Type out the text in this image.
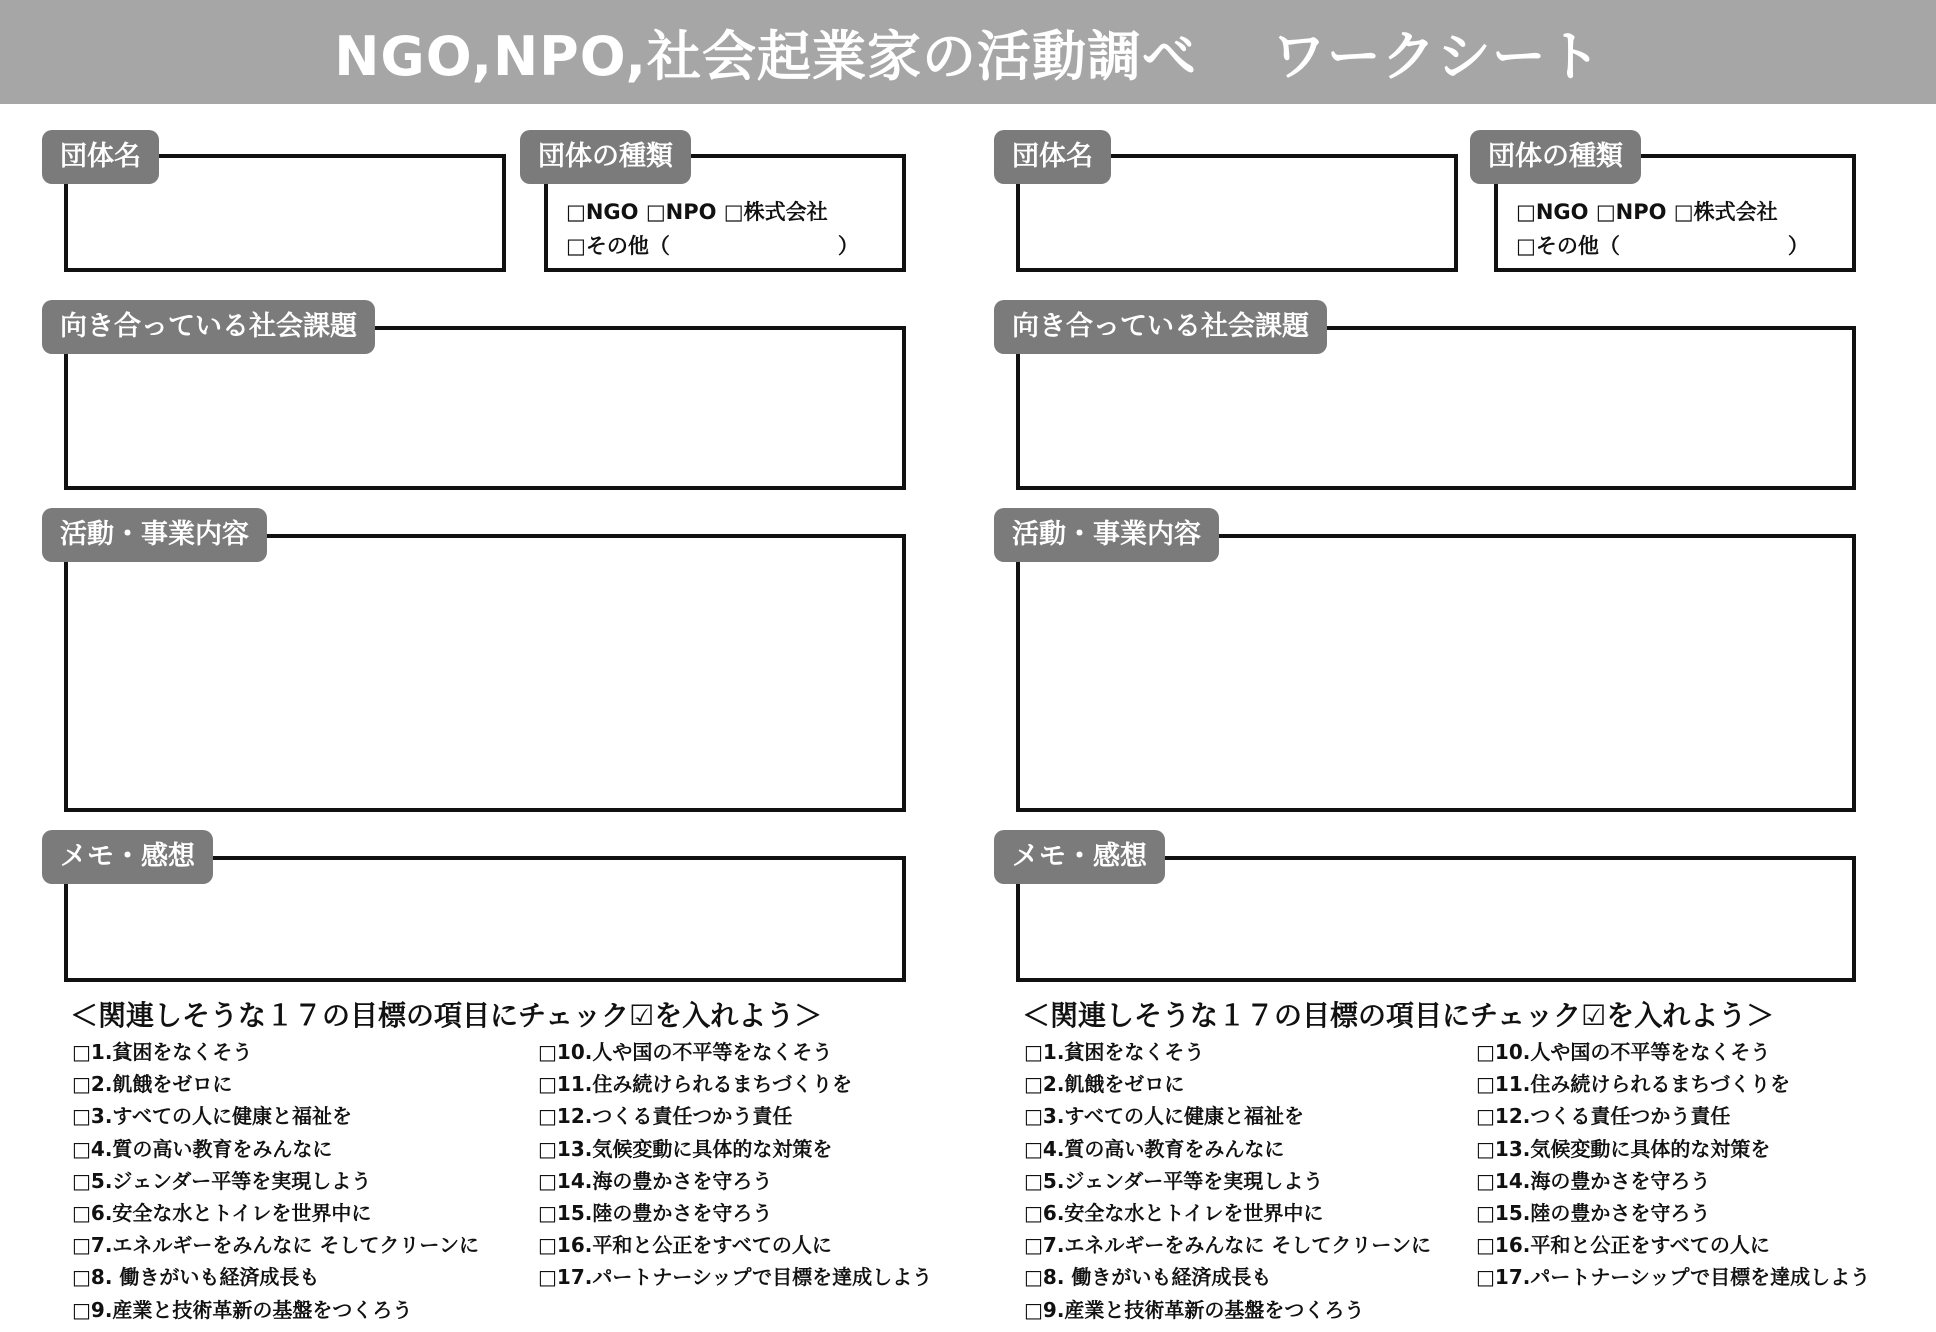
NGO,NPO,社会起業家の活動調べ　 ワークシート
団体名
□NGO □NPO □株式会社
□その他（　　　　　　　　）
団体の種類
向き合っている社会課題
活動・事業内容
メモ・感想
＜関連しそうな１７の目標の項目にチェック☑を入れよう＞
□1.貧困をなくそう
□2.飢餓をゼロに
□3.すべての人に健康と福祉を
□4.質の高い教育をみんなに
□5.ジェンダー平等を実現しよう
□6.安全な水とトイレを世界中に
□7.エネルギーをみんなに そしてクリーンに
□8. 働きがいも経済成長も
□9.産業と技術革新の基盤をつくろう
□10.人や国の不平等をなくそう
□11.住み続けられるまちづくりを
□12.つくる責任つかう責任
□13.気候変動に具体的な対策を
□14.海の豊かさを守ろう
□15.陸の豊かさを守ろう
□16.平和と公正をすべての人に
□17.パートナーシップで目標を達成しよう
団体名
□NGO □NPO □株式会社
□その他（　　　　　　　　）
団体の種類
向き合っている社会課題
活動・事業内容
メモ・感想
＜関連しそうな１７の目標の項目にチェック☑を入れよう＞
□1.貧困をなくそう
□2.飢餓をゼロに
□3.すべての人に健康と福祉を
□4.質の高い教育をみんなに
□5.ジェンダー平等を実現しよう
□6.安全な水とトイレを世界中に
□7.エネルギーをみんなに そしてクリーンに
□8. 働きがいも経済成長も
□9.産業と技術革新の基盤をつくろう
□10.人や国の不平等をなくそう
□11.住み続けられるまちづくりを
□12.つくる責任つかう責任
□13.気候変動に具体的な対策を
□14.海の豊かさを守ろう
□15.陸の豊かさを守ろう
□16.平和と公正をすべての人に
□17.パートナーシップで目標を達成しよう
